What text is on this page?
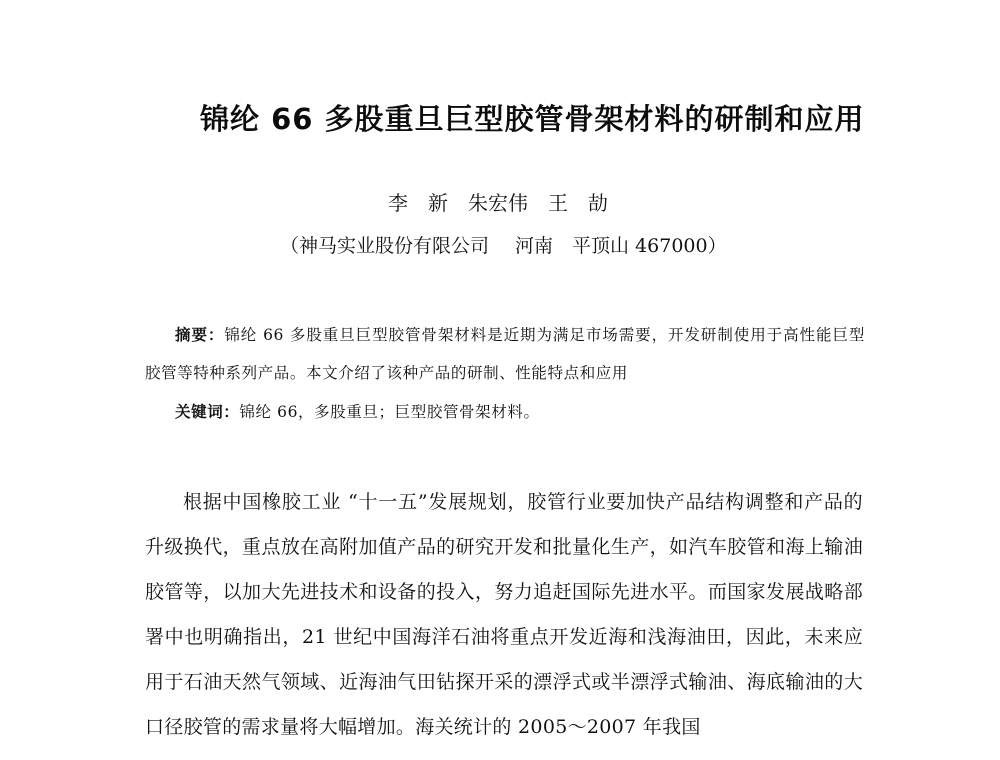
锦纶 66 多股重旦巨型胶管骨架材料的研制和应用
李　新　朱宏伟　王　劼
（神马实业股份有限公司 河南　平顶山 467000）
摘要：锦纶 66 多股重旦巨型胶管骨架材料是近期为满足市场需要，开发研制使用于高性能巨型胶管等特种系列产品。本文介绍了该种产品的研制、性能特点和应用
关键词：锦纶 66，多股重旦；巨型胶管骨架材料。
根据中国橡胶工业 “十一五”发展规划，胶管行业要加快产品结构调整和产品的升级换代，重点放在高附加值产品的研究开发和批量化生产，如汽车胶管和海上输油胶管等，以加大先进技术和设备的投入，努力追赶国际先进水平。而国家发展战略部署中也明确指出，21 世纪中国海洋石油将重点开发近海和浅海油田，因此，未来应用于石油天然气领域、近海油气田钻探开采的漂浮式或半漂浮式输油、海底输油的大口径胶管的需求量将大幅增加。海关统计的 2005～2007 年我国
